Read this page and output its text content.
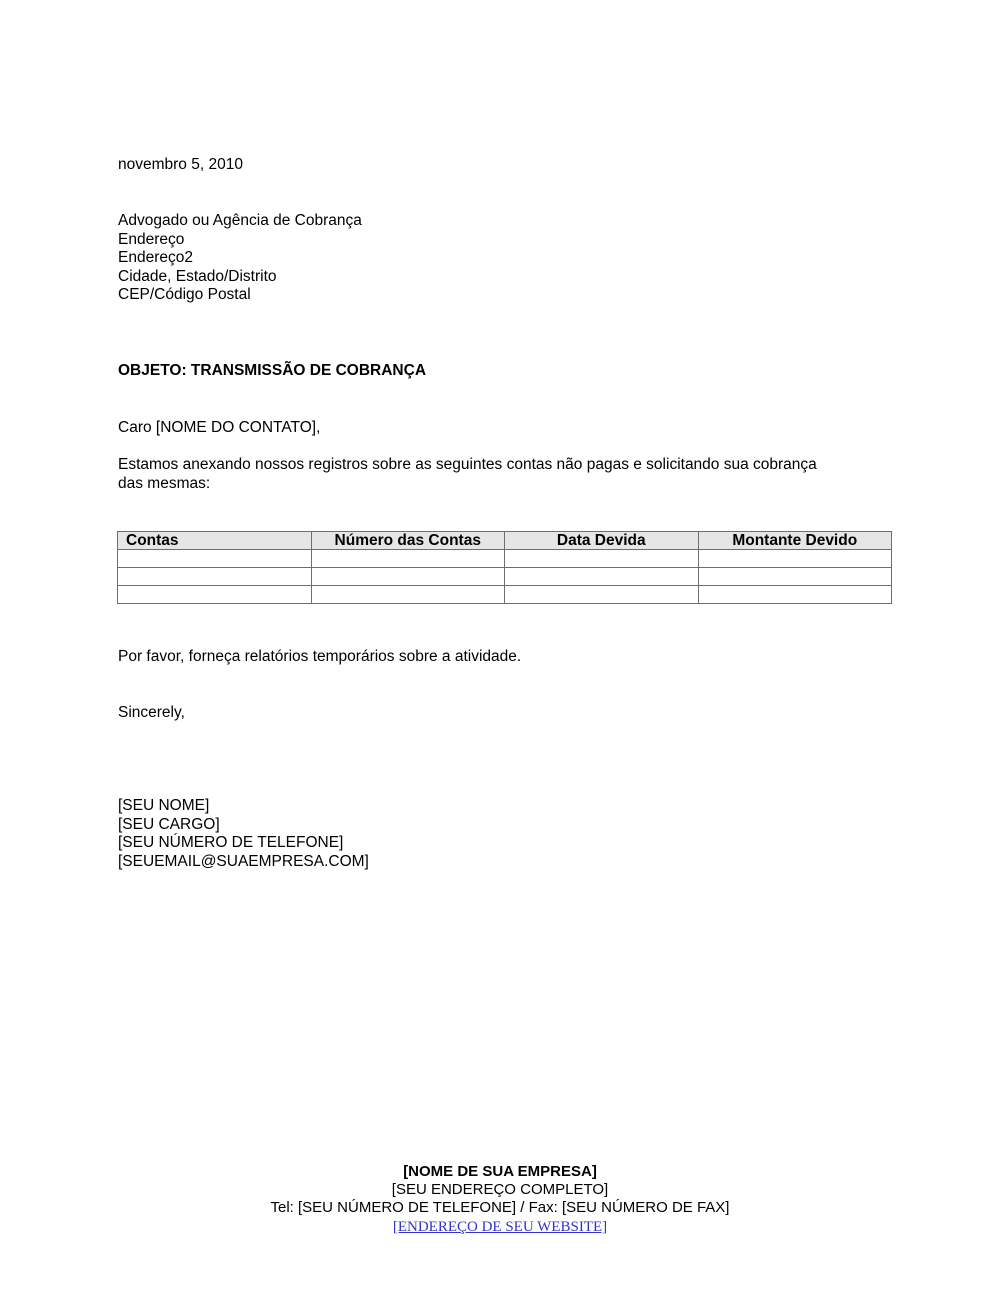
novembro 5, 2010
Advogado ou Agência de Cobrança
Endereço
Endereço2
Cidade, Estado/Distrito
CEP/Código Postal
OBJETO: TRANSMISSÃO DE COBRANÇA
Caro [NOME DO CONTATO],
Estamos anexando nossos registros sobre as seguintes contas não pagas e solicitando sua cobrança
das mesmas:
Contas	Número das Contas	Data Devida	Montante Devido

Por favor, forneça relatórios temporários sobre a atividade.
Sincerely,
[SEU NOME]
[SEU CARGO]
[SEU NÚMERO DE TELEFONE]
[SEUEMAIL@SUAEMPRESA.COM]
[NOME DE SUA EMPRESA]
[SEU ENDEREÇO COMPLETO]
Tel: [SEU NÚMERO DE TELEFONE] / Fax: [SEU NÚMERO DE FAX]
[ENDEREÇO DE SEU WEBSITE]
